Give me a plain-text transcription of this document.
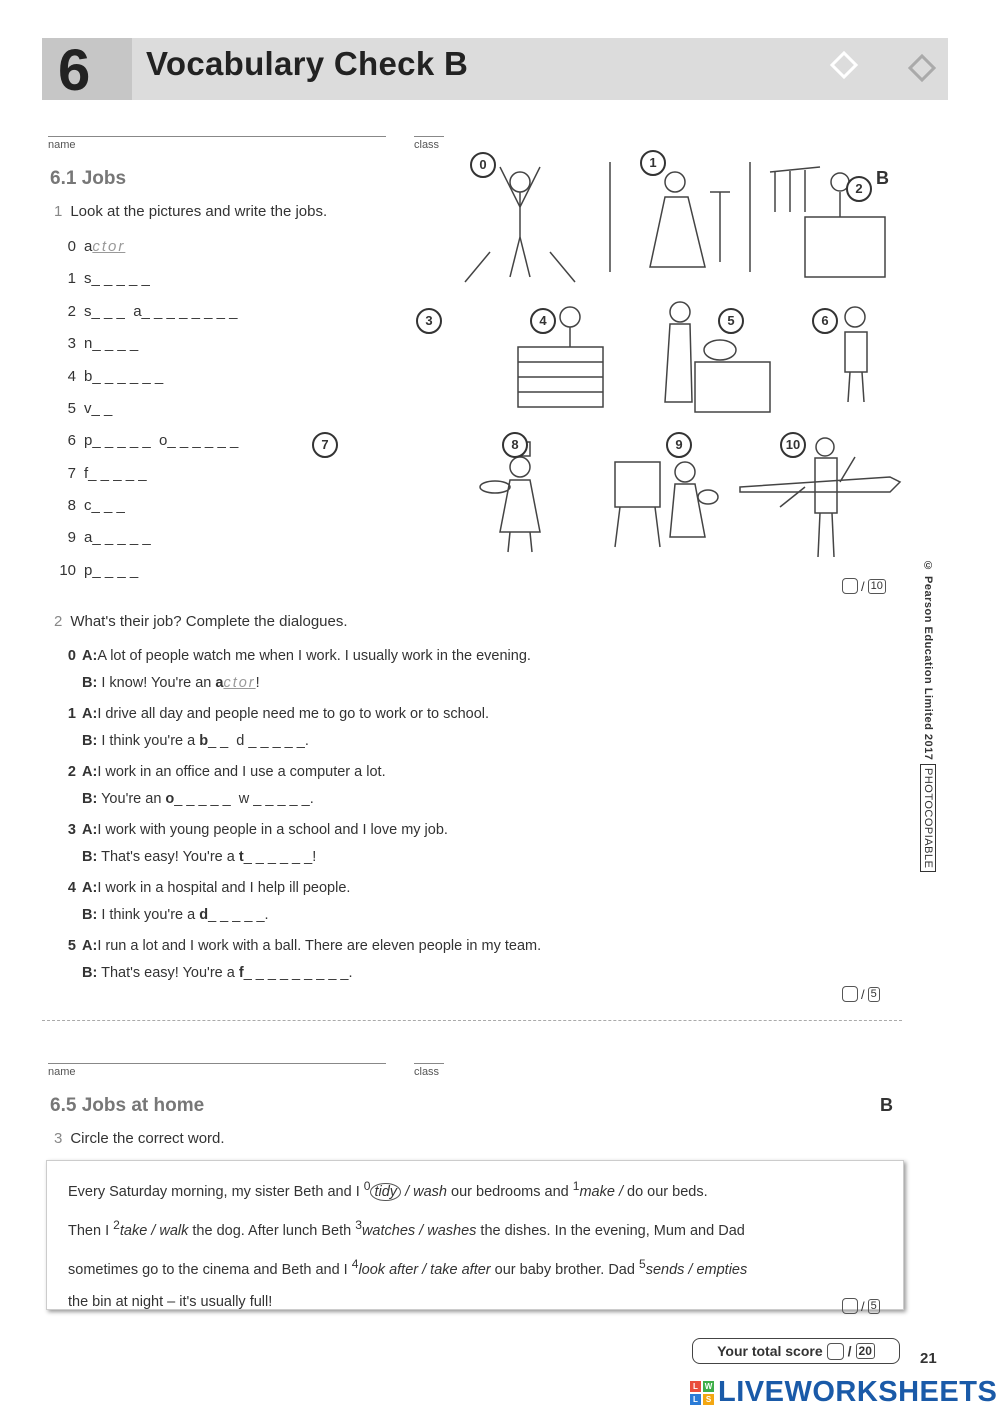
6 Vocabulary Check B
name	class
6.1 Jobs	B
1 Look at the pictures and write the jobs.
0 actor
1 s_ _ _ _ _
2 s_ _ _  a_ _ _ _ _ _ _ _
3 n_ _ _ _
4 b_ _ _ _ _ _
5 v_ _
6 p_ _ _ _ _  o_ _ _ _ _ _
7 f_ _ _ _ _
8 c_ _ _
9 a_ _ _ _ _
10 p_ _ _ _
0	1
2
3	4	5	6
7	8	9	10
/ 10
2 What's their job? Complete the dialogues.
0 A:A lot of people watch me when I work. I usually work in the evening.
B: I know! You're an actor!
1 A:I drive all day and people need me to go to work or to school.
B: I think you're a b_ _  d _ _ _ _ _.
2 A:I work in an office and I use a computer a lot.
B: You're an o_ _ _ _ _  w _ _ _ _ _.
3 A:I work with young people in a school and I love my job.
B: That's easy! You're a t_ _ _ _ _ _!
4 A:I work in a hospital and I help ill people.
B: I think you're a d_ _ _ _ _.
5 A:I run a lot and I work with a ball. There are eleven people in my team.
B: That's easy! You're a f_ _ _ _ _ _ _ _ _.
/ 5
© Pearson Education Limited 2017 PHOTOCOPIABLE
name	class
6.5 Jobs at home	B
3 Circle the correct word.
Every Saturday morning, my sister Beth and I $^0$ tidy / wash our bedrooms and $^1$make / do our beds.
Then I $^2$take / walk the dog. After lunch Beth $^3$watches / washes the dishes. In the evening, Mum and Dad
sometimes go to the cinema and Beth and I $^4$look after / take after our baby brother. Dad $^5$sends / empties
the bin at night – it's usually full!	/ 5
Your total score / 20	21
L W
L S LIVEWORKSHEETS
